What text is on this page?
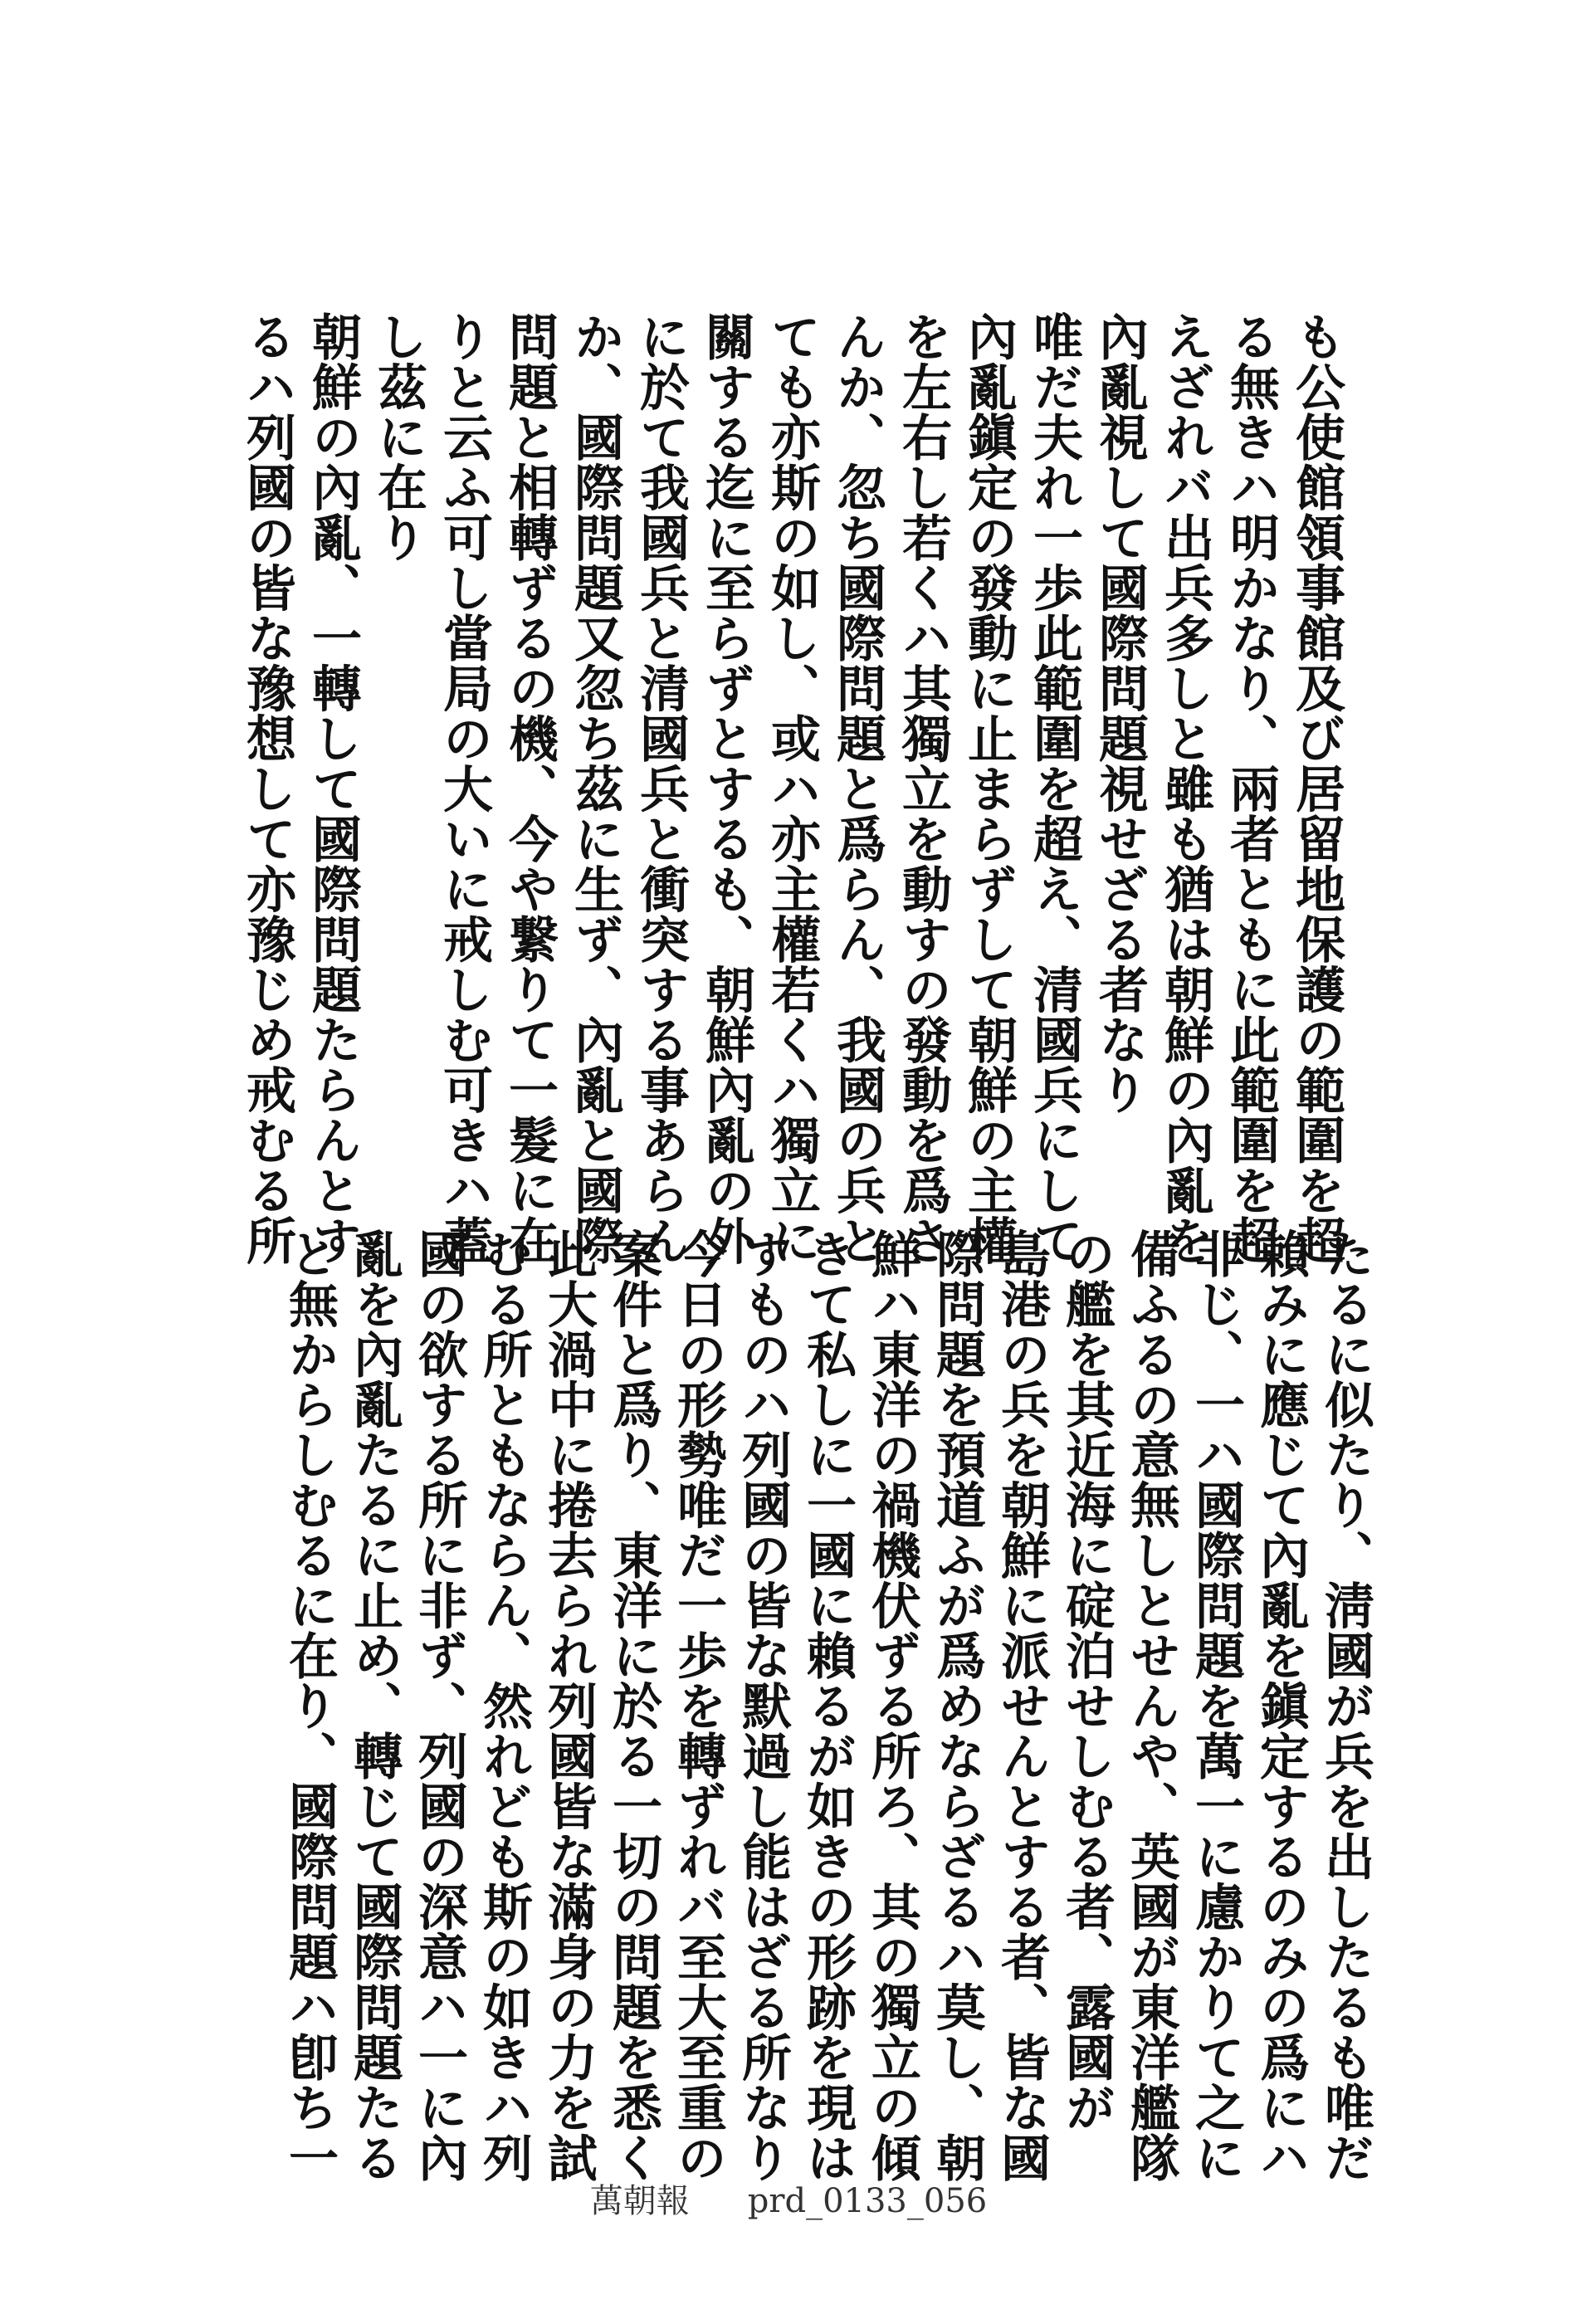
も公使館領事館及び居留地保護の範圍を超
る無きハ明かなり、兩者ともに此範圍を超
えざれバ出兵多しと雖も猶は朝鮮の內亂を
內亂視して國際問題視せざる者なり
唯だ夫れ一歩此範圍を超え、清國兵にして
內亂鎭定の發動に止まらずして朝鮮の主權
を左右し若くハ其獨立を動すの發動を爲さ
んか、忽ち國際問題と爲らん、我國の兵と
ても亦斯の如し、或ハ亦主權若くハ獨立に
關する迄に至らずとするも、朝鮮內亂の外
に於て我國兵と清國兵と衝突する事あらん
か、國際問題又忽ち茲に生ず、內亂と國際
問題と相轉ずるの機、今や繋りて一髮に在
りと云ふ可し當局の大いに戒しむ可きハ蓋
し茲に在り
朝鮮の內亂、一轉して國際問題たらんとす
るハ列國の皆な豫想して亦豫じめ戒むる所
たるに似たり、淸國が兵を出したるも唯だ
賴みに應じて內亂を鎭定するのみの爲にハ
非じ、一ハ國際問題を萬一に慮かりて之に
備ふるの意無しとせんや、英國が東洋艦隊
の艦を其近海に碇泊せしむる者、露國が
島港の兵を朝鮮に派せんとする者、皆な國
際問題を預道ふが爲めならざるハ莫し、朝
鮮ハ東洋の禍機伏ずる所ろ、其の獨立の傾
きて私しに一國に賴るが如きの形跡を現は
すものハ列國の皆な默過し能はざる所なり
今日の形勢唯だ一歩を轉ずれバ至大至重の
案件と爲り、東洋に於る一切の問題を悉く
此大渦中に捲去られ列國皆な滿身の力を試
むる所ともならん、然れども斯の如きハ列
國の欲する所に非ず、列國の深意ハ一に內
亂を內亂たるに止め、轉じて國際問題たる
と無からしむるに在り、國際問題ハ卽ち一
萬朝報 prd_0133_056
